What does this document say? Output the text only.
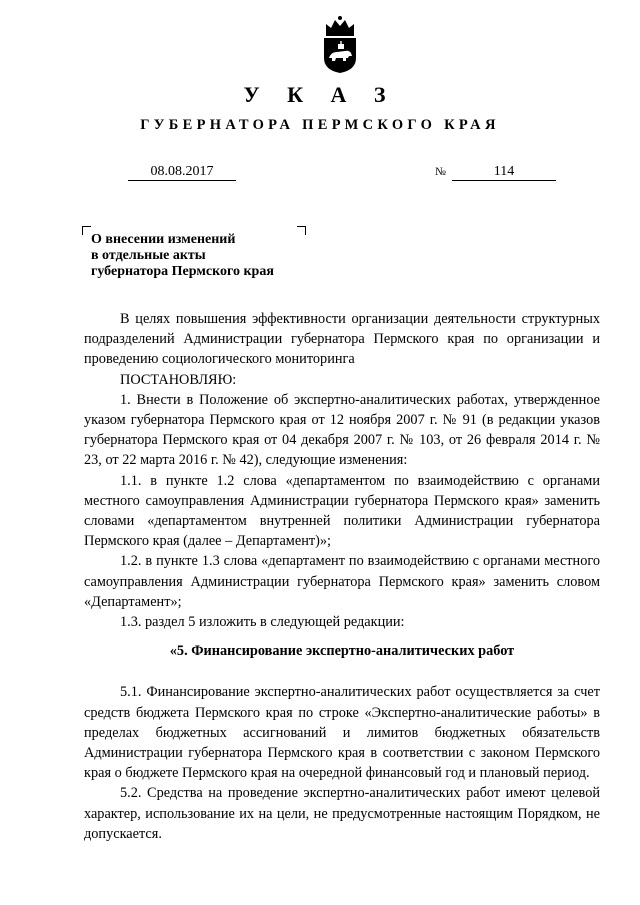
У К А З
ГУБЕРНАТОРА ПЕРМСКОГО КРАЯ
08.08.2017	№	114
О внесении изменений
в отдельные акты
губернатора Пермского края

В целях повышения эффективности организации деятельности структурных подразделений Администрации губернатора Пермского края по организации и проведению социологического мониторинга

ПОСТАНОВЛЯЮ:

1. Внести в Положение об экспертно-аналитических работах, утвержденное указом губернатора Пермского края от 12 ноября 2007 г. № 91 (в редакции указов губернатора Пермского края от 04 декабря 2007 г. № 103, от 26 февраля 2014 г. № 23, от 22 марта 2016 г. № 42), следующие изменения:

1.1. в пункте 1.2 слова «департаментом по взаимодействию с органами местного самоуправления Администрации губернатора Пермского края» заменить словами «департаментом внутренней политики Администрации губернатора Пермского края (далее – Департамент)»;

1.2. в пункте 1.3 слова «департамент по взаимодействию с органами местного самоуправления Администрации губернатора Пермского края» заменить словом «Департамент»;

1.3. раздел 5 изложить в следующей редакции:

«5. Финансирование экспертно-аналитических работ

5.1. Финансирование экспертно-аналитических работ осуществляется за счет средств бюджета Пермского края по строке «Экспертно-аналитические работы» в пределах бюджетных ассигнований и лимитов бюджетных обязательств Администрации губернатора Пермского края в соответствии с законом Пермского края о бюджете Пермского края на очередной финансовый год и плановый период.

5.2. Средства на проведение экспертно-аналитических работ имеют целевой характер, использование их на цели, не предусмотренные настоящим Порядком, не допускается.
